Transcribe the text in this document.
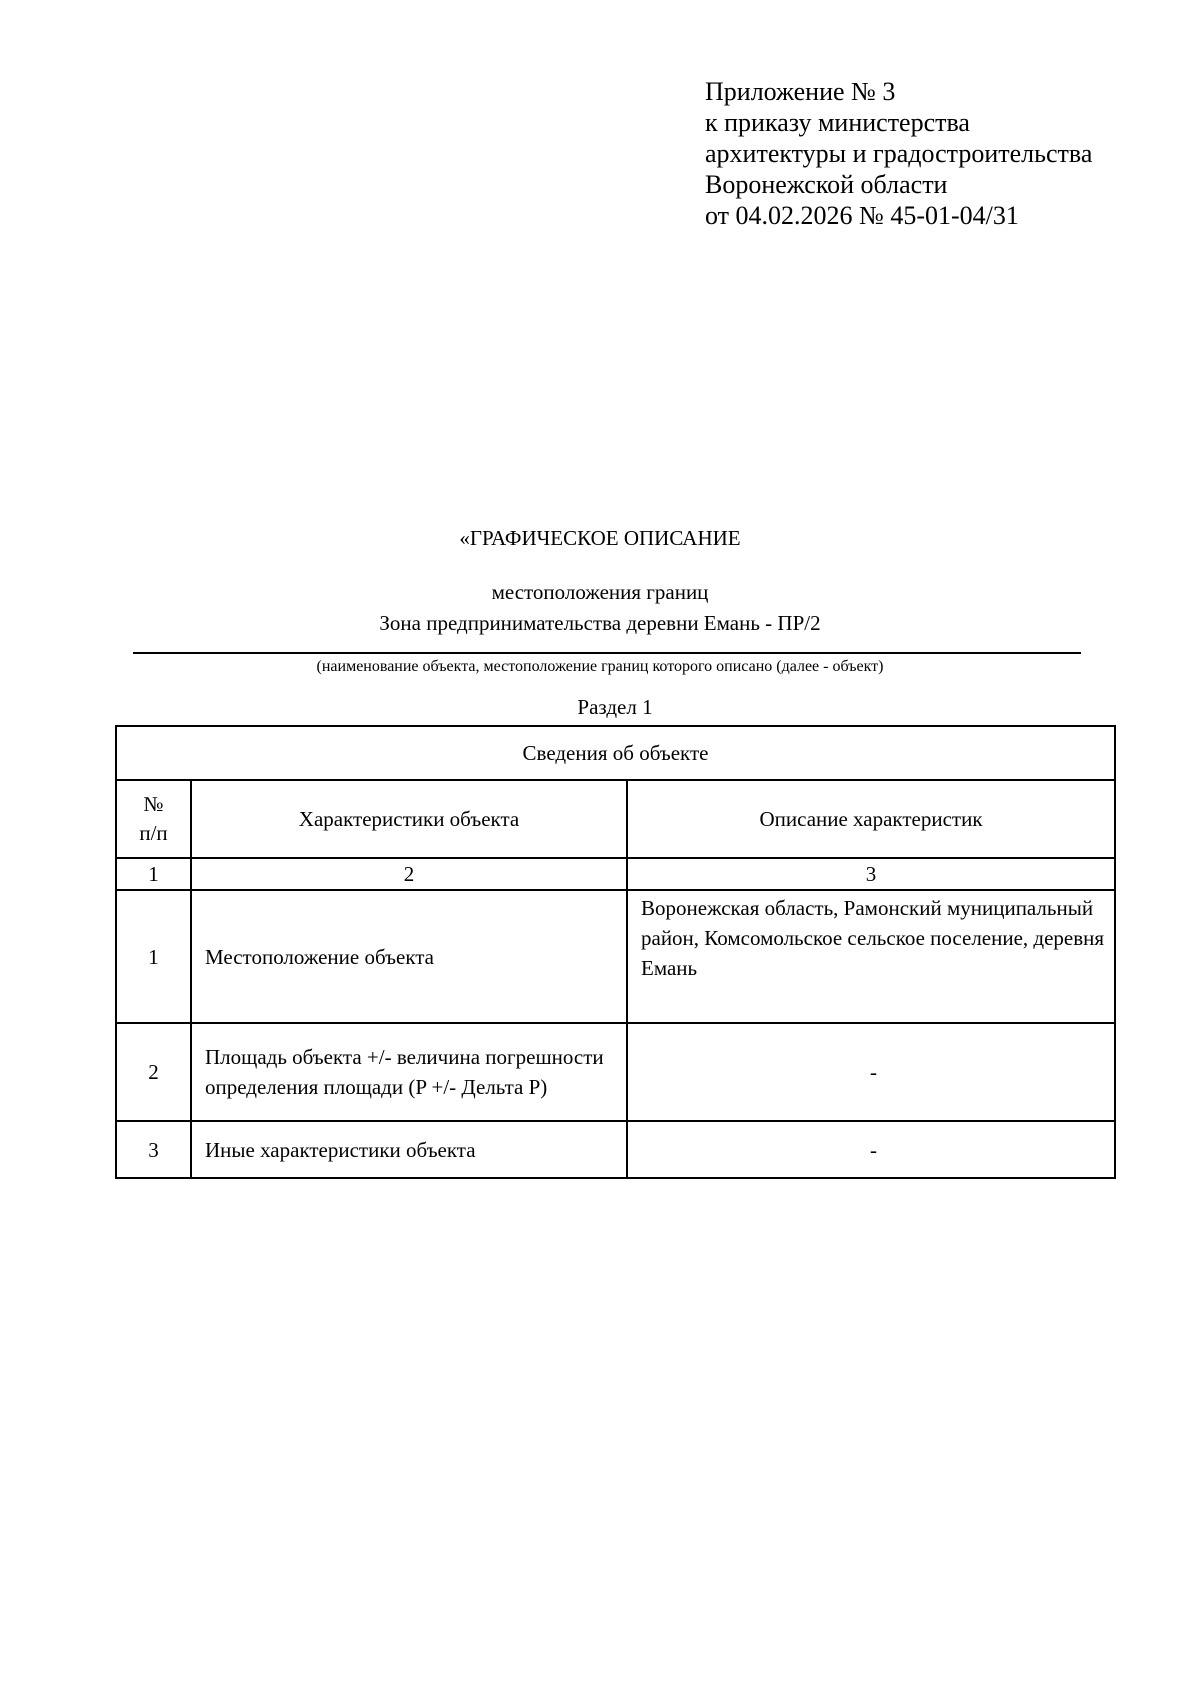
Приложение № 3
к приказу министерства
архитектуры и градостроительства
Воронежской области
от 04.02.2026 № 45-01-04/31
«ГРАФИЧЕСКОЕ ОПИСАНИЕ
местоположения границ
Зона предпринимательства деревни Емань - ПР/2
(наименование объекта, местоположение границ которого описано (далее - объект)
Раздел 1
Сведения об объекте		
№
п/п	Характеристики объекта	Описание характеристик
1	2	3
1	Местоположение объекта	Воронежская область, Рамонский муниципальный район, Комсомольское сельское поселение, деревня Емань
2	Площадь объекта +/- величина погрешности определения площади (P +/- Дельта P)	-
3	Иные характеристики объекта	-
